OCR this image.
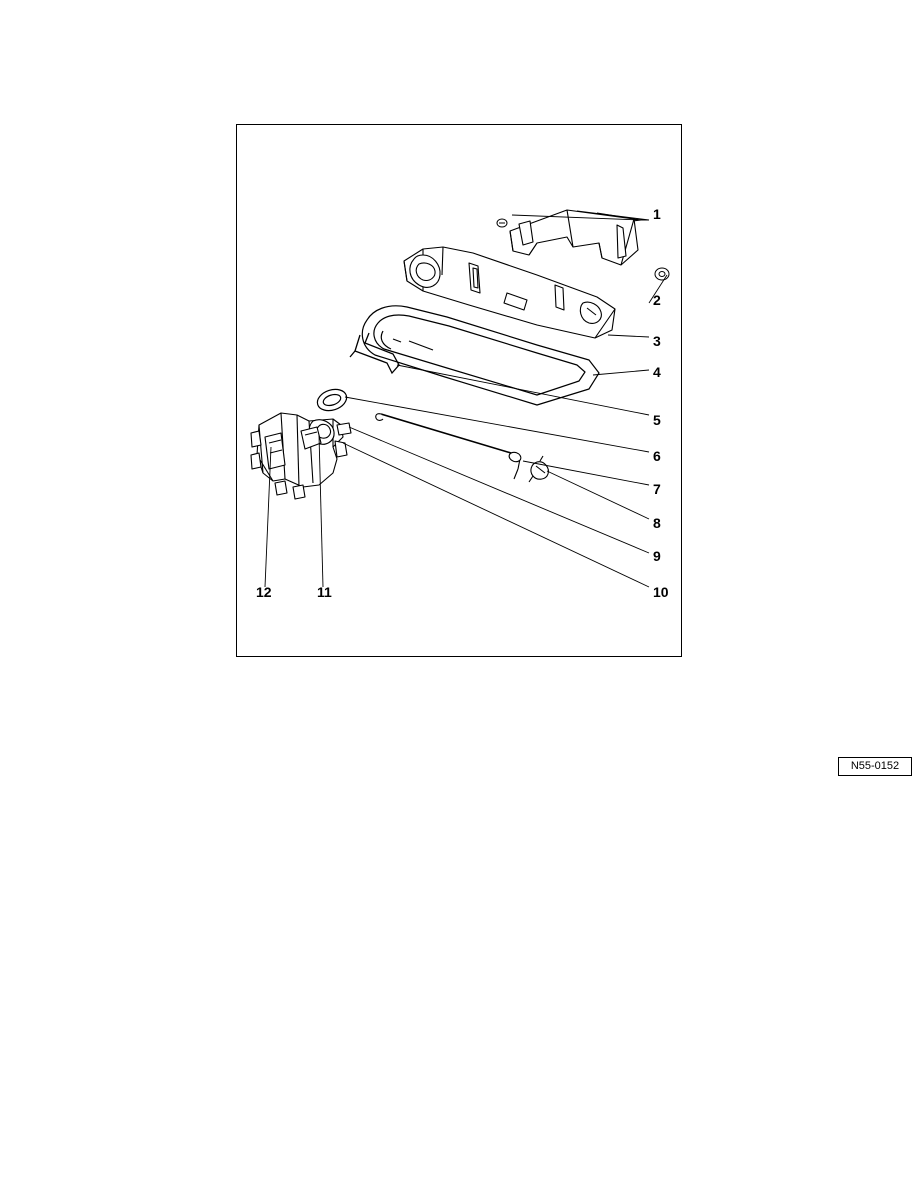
N55-0152
1
2
3
4
5
6
7
8
9
10
11
12
